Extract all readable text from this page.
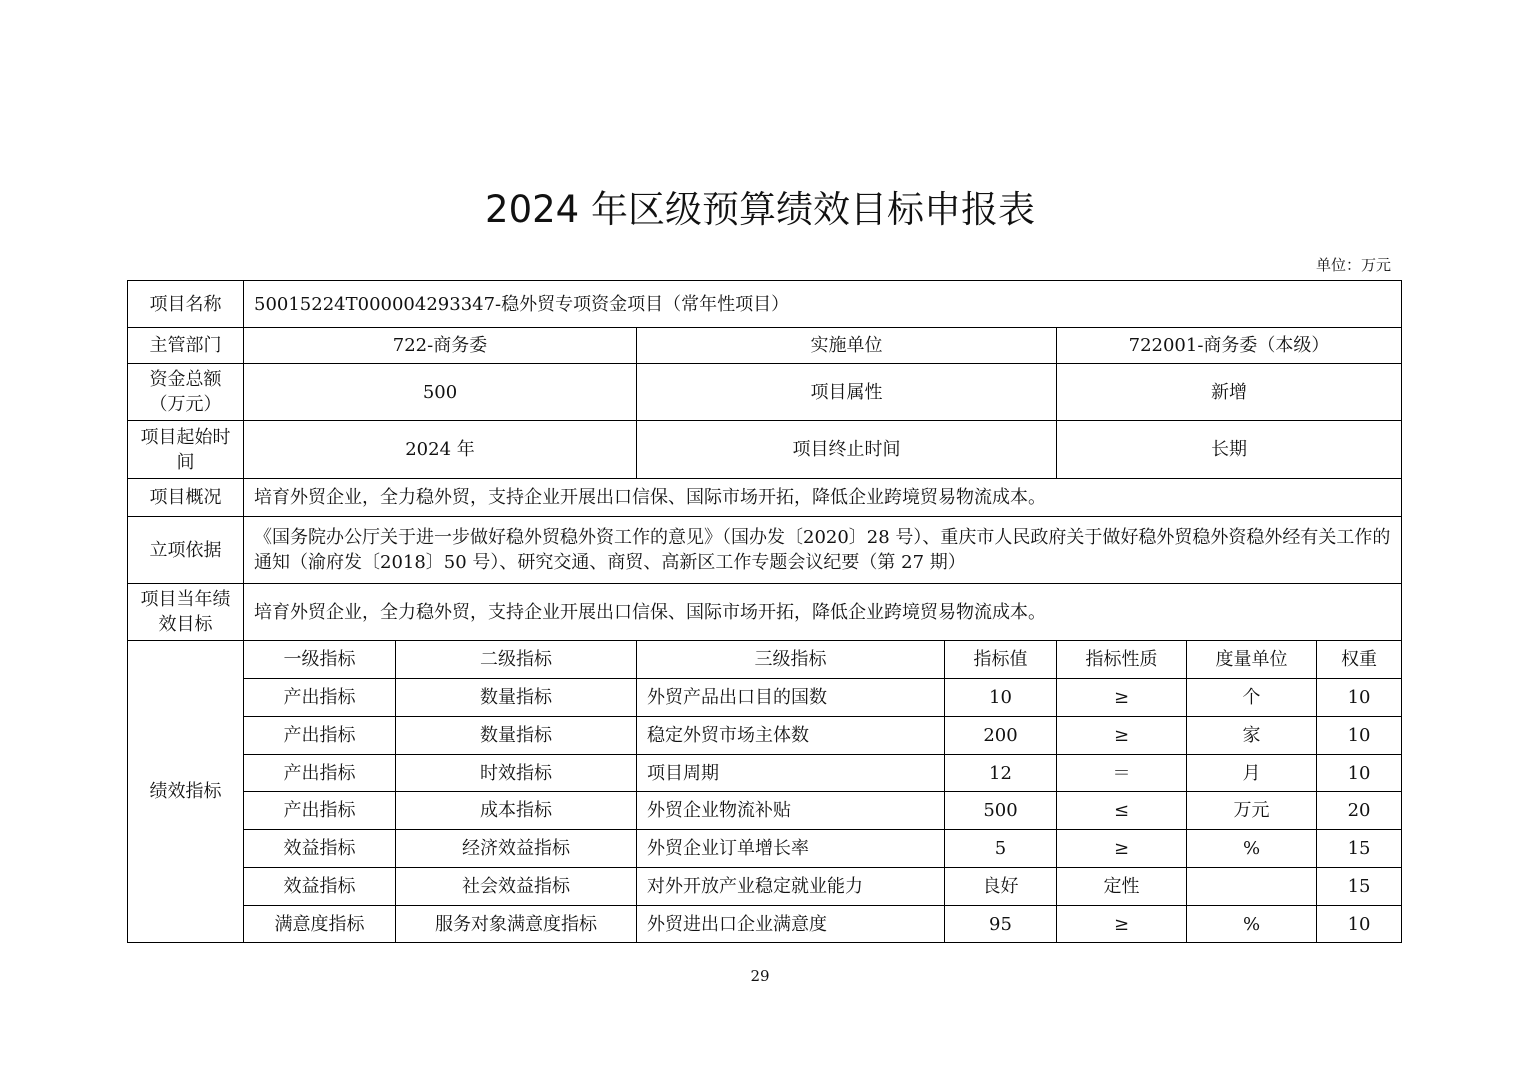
2024 年区级预算绩效目标申报表
单位：万元
项目名称	50015224T000004293347-稳外贸专项资金项目（常年性项目）						
主管部门	722-商务委		实施单位		722001-商务委（本级）		
资金总额（万元）	500		项目属性		新增		
项目起始时间	2024 年		项目终止时间		长期		
项目概况	培育外贸企业，全力稳外贸，支持企业开展出口信保、国际市场开拓，降低企业跨境贸易物流成本。						
立项依据	《国务院办公厅关于进一步做好稳外贸稳外资工作的意见》（国办发〔2020〕28 号）、重庆市人民政府关于做好稳外贸稳外资稳外经有关工作的通知（渝府发〔2018〕50 号）、研究交通、商贸、高新区工作专题会议纪要（第 27 期）						
项目当年绩效目标	培育外贸企业，全力稳外贸，支持企业开展出口信保、国际市场开拓，降低企业跨境贸易物流成本。						
绩效指标	一级指标	二级指标	三级指标	指标值	指标性质	度量单位	权重
	产出指标	数量指标	外贸产品出口目的国数	10	≥	个	10
	产出指标	数量指标	稳定外贸市场主体数	200	≥	家	10
	产出指标	时效指标	项目周期	12	＝	月	10
	产出指标	成本指标	外贸企业物流补贴	500	≤	万元	20
	效益指标	经济效益指标	外贸企业订单增长率	5	≥	%	15
	效益指标	社会效益指标	对外开放产业稳定就业能力	良好	定性		15
	满意度指标	服务对象满意度指标	外贸进出口企业满意度	95	≥	%	10
29
